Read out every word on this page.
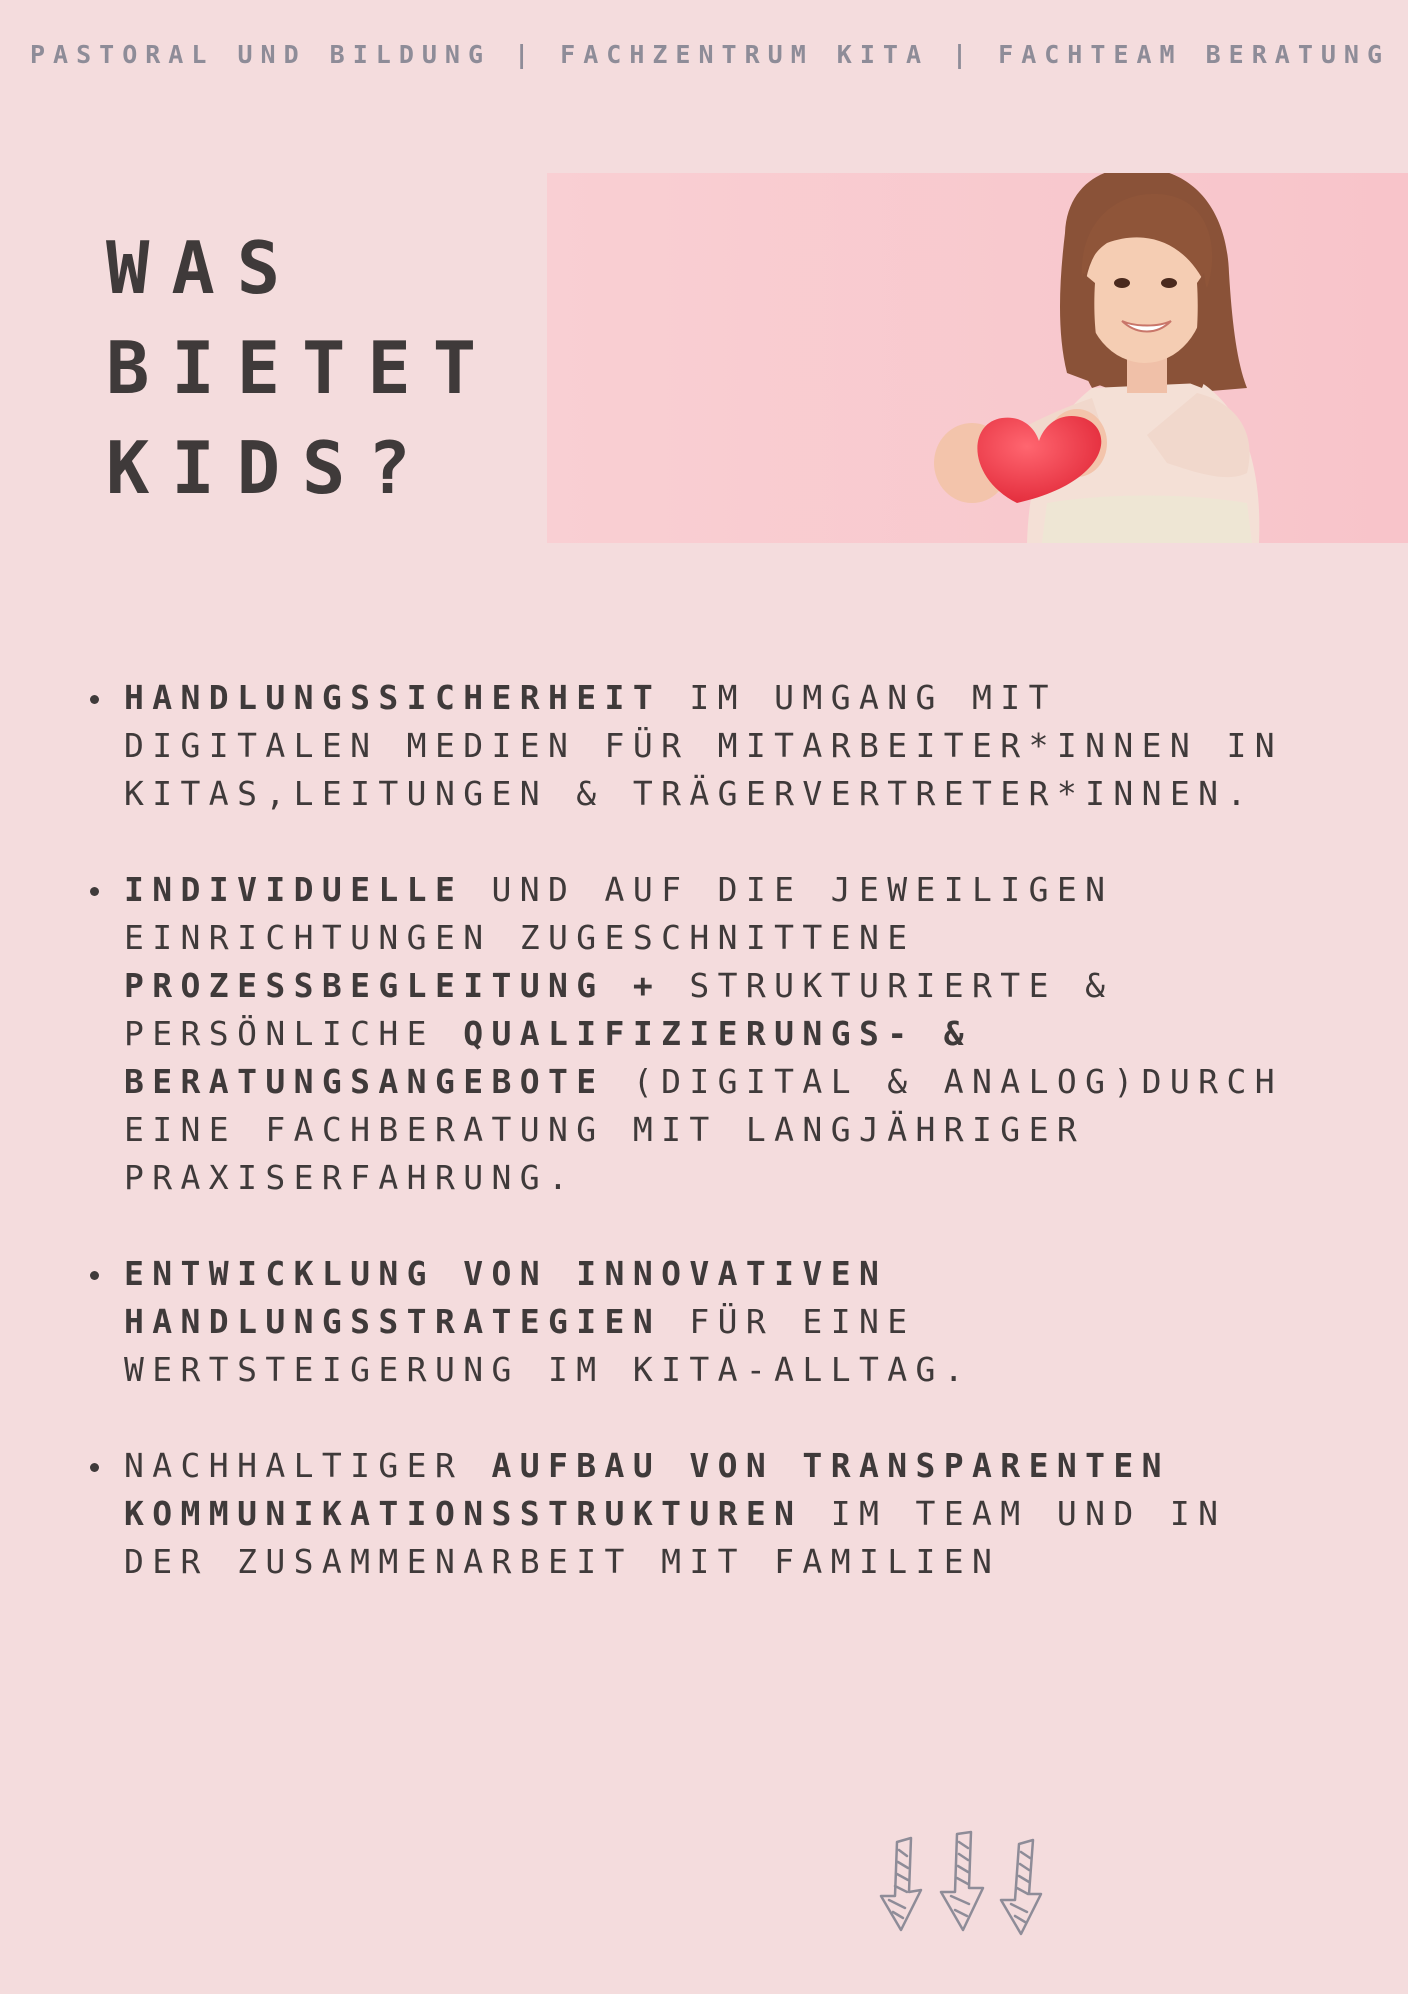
PASTORAL UND BILDUNG | FACHZENTRUM KITA | FACHTEAM BERATUNG
WAS
BIETET
KIDS?
HANDLUNGSSICHERHEIT IM UMGANG MIT
DIGITALEN MEDIEN FÜR MITARBEITER*INNEN IN
KITAS,LEITUNGEN & TRÄGERVERTRETER*INNEN.
INDIVIDUELLE UND AUF DIE JEWEILIGEN
EINRICHTUNGEN ZUGESCHNITTENE
PROZESSBEGLEITUNG + STRUKTURIERTE &
PERSÖNLICHE QUALIFIZIERUNGS- &
BERATUNGSANGEBOTE (DIGITAL & ANALOG)DURCH
EINE FACHBERATUNG MIT LANGJÄHRIGER
PRAXISERFAHRUNG.
ENTWICKLUNG VON INNOVATIVEN
HANDLUNGSSTRATEGIEN FÜR EINE
WERTSTEIGERUNG IM KITA-ALLTAG.
NACHHALTIGER AUFBAU VON TRANSPARENTEN
KOMMUNIKATIONSSTRUKTUREN IM TEAM UND IN
DER ZUSAMMENARBEIT MIT FAMILIEN
